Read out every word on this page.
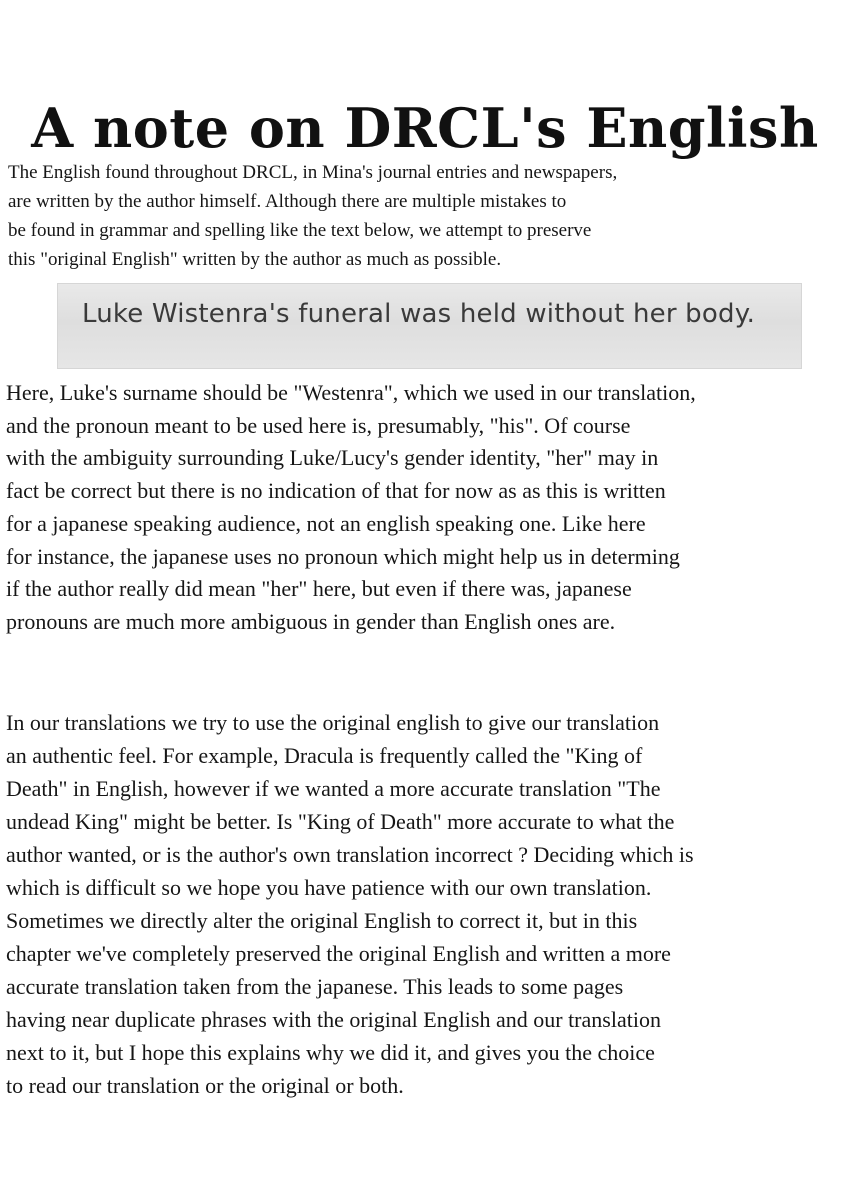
A note on DRCL's English
The English found throughout DRCL, in Mina's journal entries and newspapers,
are written by the author himself. Although there are multiple mistakes to
be found in grammar and spelling like the text below, we attempt to preserve
this "original English" written by the author as much as possible.
Luke Wistenra's funeral was held without her body.
Here, Luke's surname should be "Westenra", which we used in our translation,
and the pronoun meant to be used here is, presumably, "his". Of course
with the ambiguity surrounding Luke/Lucy's gender identity, "her" may in
fact be correct but there is no indication of that for now as as this is written
for a japanese speaking audience, not an english speaking one. Like here
for instance, the japanese uses no pronoun which might help us in determing
if the author really did mean "her" here, but even if there was, japanese
pronouns are much more ambiguous in gender than English ones are.
In our translations we try to use the original english to give our translation
an authentic feel. For example, Dracula is frequently called the "King of
Death" in English, however if we wanted a more accurate translation "The
undead King" might be better. Is "King of Death" more accurate to what the
author wanted, or is the author's own translation incorrect ? Deciding which is
which is difficult so we hope you have patience with our own translation.
Sometimes we directly alter the original English to correct it, but in this
chapter we've completely preserved the original English and written a more
accurate translation taken from the japanese. This leads to some pages
having near duplicate phrases with the original English and our translation
next to it, but I hope this explains why we did it, and gives you the choice
to read our translation or the original or both.
